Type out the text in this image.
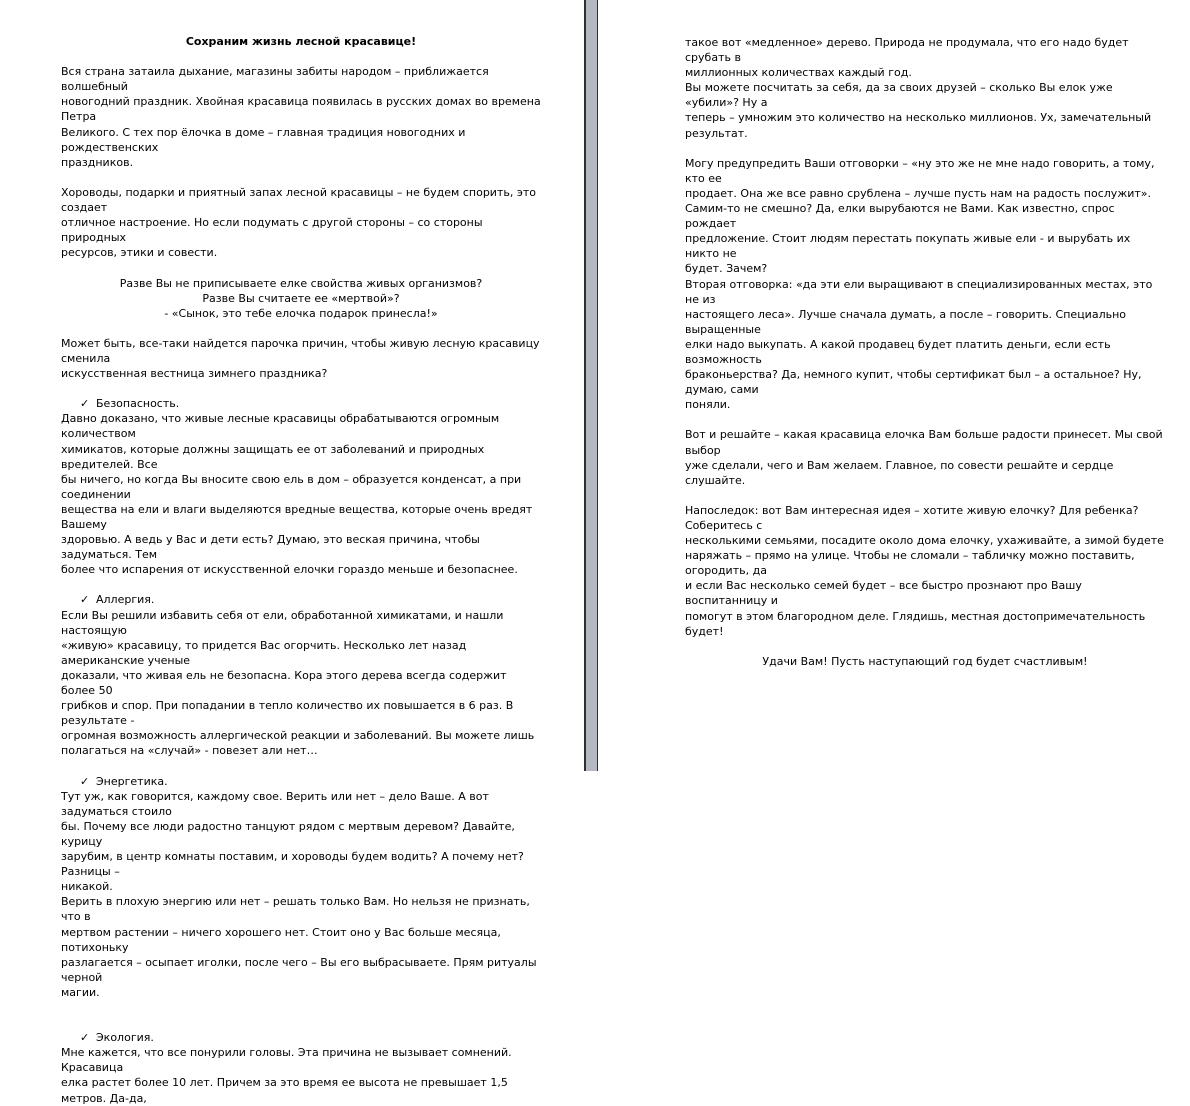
Сохраним жизнь лесной красавице!

Вся страна затаила дыхание, магазины забиты народом – приближается волшебный
новогодний праздник. Хвойная красавица появилась в русских домах во времена Петра
Великого. С тех пор ёлочка в доме – главная традиция новогодних и рождественских
праздников.

Хороводы, подарки и приятный запах лесной красавицы – не будем спорить, это создает
отличное настроение. Но если подумать с другой стороны – со стороны природных
ресурсов, этики и совести.

Разве Вы не приписываете елке свойства живых организмов?
Разве Вы считаете ее «мертвой»?
- «Сынок, это тебе елочка подарок принесла!»

Может быть, все-таки найдется парочка причин, чтобы живую лесную красавицу сменила
искусственная вестница зимнего праздника?

✓ Безопасность.

Давно доказано, что живые лесные красавицы обрабатываются огромным количеством
химикатов, которые должны защищать ее от заболеваний и природных вредителей. Все
бы ничего, но когда Вы вносите свою ель в дом – образуется конденсат, а при соединении
вещества на ели и влаги выделяются вредные вещества, которые очень вредят Вашему
здоровью. А ведь у Вас и дети есть? Думаю, это веская причина, чтобы задуматься. Тем
более что испарения от искусственной елочки гораздо меньше и безопаснее.

✓ Аллергия.

Если Вы решили избавить себя от ели, обработанной химикатами, и нашли настоящую
«живую» красавицу, то придется Вас огорчить. Несколько лет назад американские ученые
доказали, что живая ель не безопасна. Кора этого дерева всегда содержит более 50
грибков и спор. При попадании в тепло количество их повышается в 6 раз. В результате -
огромная возможность аллергической реакции и заболеваний. Вы можете лишь
полагаться на «случай» - повезет али нет…

✓ Энергетика.

Тут уж, как говорится, каждому свое. Верить или нет – дело Ваше. А вот задуматься стоило
бы. Почему все люди радостно танцуют рядом с мертвым деревом? Давайте, курицу
зарубим, в центр комнаты поставим, и хороводы будем водить? А почему нет? Разницы –
никакой.
Верить в плохую энергию или нет – решать только Вам. Но нельзя не признать, что в
мертвом растении – ничего хорошего нет. Стоит оно у Вас больше месяца, потихоньку
разлагается – осыпает иголки, после чего – Вы его выбрасываете. Прям ритуалы черной
магии.

✓ Экология.

Мне кажется, что все понурили головы. Эта причина не вызывает сомнений. Красавица
елка растет более 10 лет. Причем за это время ее высота не превышает 1,5 метров. Да-да,

такое вот «медленное» дерево. Природа не продумала, что его надо будет срубать в
миллионных количествах каждый год.
Вы можете посчитать за себя, да за своих друзей – сколько Вы елок уже «убили»? Ну а
теперь – умножим это количество на несколько миллионов. Ух, замечательный результат.

Могу предупредить Ваши отговорки – «ну это же не мне надо говорить, а тому, кто ее
продает. Она же все равно срублена – лучше пусть нам на радость послужит».
Самим-то не смешно? Да, елки вырубаются не Вами. Как известно, спрос рождает
предложение. Стоит людям перестать покупать живые ели - и вырубать их никто не
будет. Зачем?
Вторая отговорка: «да эти ели выращивают в специализированных местах, это не из
настоящего леса». Лучше сначала думать, а после – говорить. Специально выращенные
елки надо выкупать. А какой продавец будет платить деньги, если есть возможность
браконьерства? Да, немного купит, чтобы сертификат был – а остальное? Ну, думаю, сами
поняли.

Вот и решайте – какая красавица елочка Вам больше радости принесет. Мы свой выбор
уже сделали, чего и Вам желаем. Главное, по совести решайте и сердце слушайте.

Напоследок: вот Вам интересная идея – хотите живую елочку? Для ребенка? Соберитесь с
несколькими семьями, посадите около дома елочку, ухаживайте, а зимой будете
наряжать – прямо на улице. Чтобы не сломали – табличку можно поставить, огородить, да
и если Вас несколько семей будет – все быстро прознают про Вашу воспитанницу и
помогут в этом благородном деле. Глядишь, местная достопримечательность будет!

Удачи Вам! Пусть наступающий год будет счастливым!
